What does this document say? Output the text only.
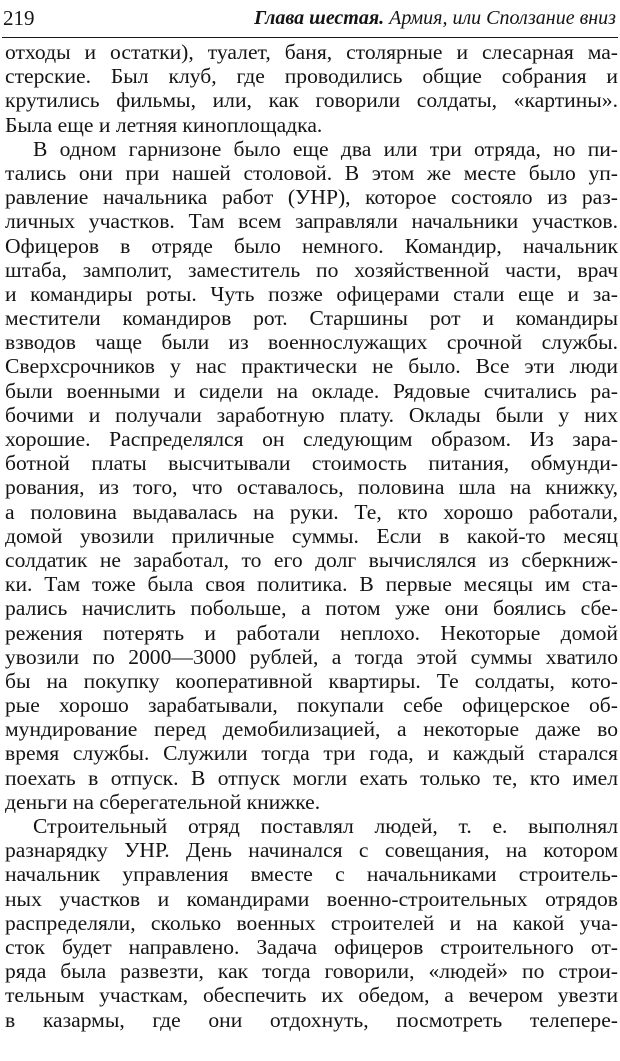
219	Глава шестая. Армия, или Сползание вниз
отходы и остатки), туалет, баня, столярные и слесарная ма-
стерские. Был клуб, где проводились общие собрания и
крутились фильмы, или, как говорили солдаты, «картины».
Была еще и летняя киноплощадка.
В одном гарнизоне было еще два или три отряда, но пи-
тались они при нашей столовой. В этом же месте было уп-
равление начальника работ (УНР), которое состояло из раз-
личных участков. Там всем заправляли начальники участков.
Офицеров в отряде было немного. Командир, начальник
штаба, замполит, заместитель по хозяйственной части, врач
и командиры роты. Чуть позже офицерами стали еще и за-
местители командиров рот. Старшины рот и командиры
взводов чаще были из военнослужащих срочной службы.
Сверхсрочников у нас практически не было. Все эти люди
были военными и сидели на окладе. Рядовые считались ра-
бочими и получали заработную плату. Оклады были у них
хорошие. Распределялся он следующим образом. Из зара-
ботной платы высчитывали стоимость питания, обмунди-
рования, из того, что оставалось, половина шла на книжку,
а половина выдавалась на руки. Те, кто хорошо работали,
домой увозили приличные суммы. Если в какой-то месяц
солдатик не заработал, то его долг вычислялся из сберкниж-
ки. Там тоже была своя политика. В первые месяцы им ста-
рались начислить побольше, а потом уже они боялись сбе-
режения потерять и работали неплохо. Некоторые домой
увозили по 2000—3000 рублей, а тогда этой суммы хватило
бы на покупку кооперативной квартиры. Те солдаты, кото-
рые хорошо зарабатывали, покупали себе офицерское об-
мундирование перед демобилизацией, а некоторые даже во
время службы. Служили тогда три года, и каждый старался
поехать в отпуск. В отпуск могли ехать только те, кто имел
деньги на сберегательной книжке.
Строительный отряд поставлял людей, т. е. выполнял
разнарядку УНР. День начинался с совещания, на котором
начальник управления вместе с начальниками строитель-
ных участков и командирами военно-строительных отрядов
распределяли, сколько военных строителей и на какой уча-
сток будет направлено. Задача офицеров строительного от-
ряда была развезти, как тогда говорили, «людей» по строи-
тельным участкам, обеспечить их обедом, а вечером увезти
в казармы, где они отдохнуть, посмотреть телепере-
